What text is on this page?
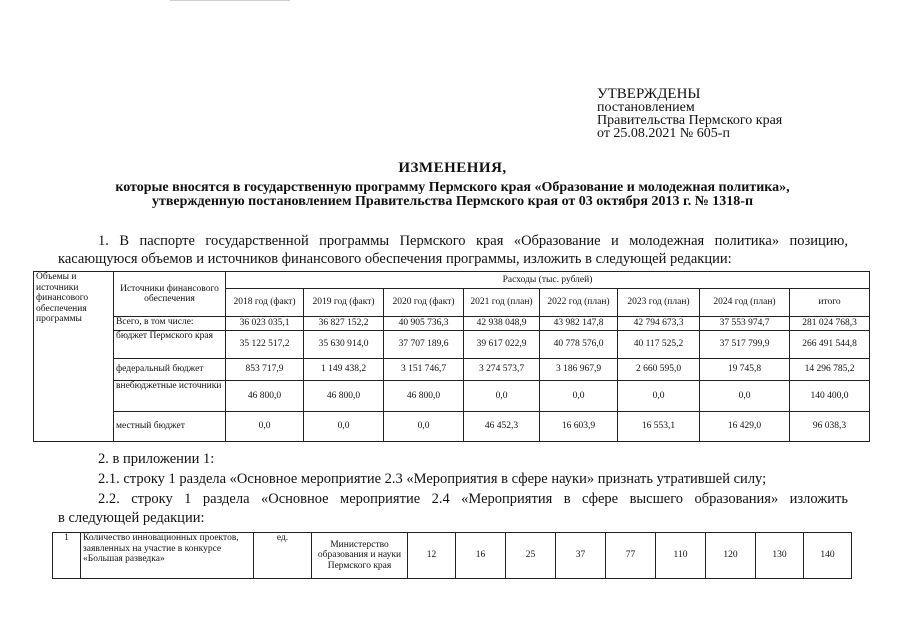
УТВЕРЖДЕНЫ
постановлением
Правительства Пермского края
от 25.08.2021 № 605-п
ИЗМЕНЕНИЯ,
которые вносятся в государственную программу Пермского края «Образование и молодежная политика»,
утвержденную постановлением Правительства Пермского края от 03 октября 2013 г. № 1318-п
1. В паспорте государственной программы Пермского края «Образование и молодежная политика» позицию,
касающуюся объемов и источников финансового обеспечения программы, изложить в следующей редакции:
Объемы и источники финансового обеспечения программы	Источники финансового обеспечения	Расходы (тыс. рублей)							
		2018 год (факт)	2019 год (факт)	2020 год (факт)	2021 год (план)	2022 год (план)	2023 год (план)	2024 год (план)	итого
	Всего, в том числе:	36 023 035,1	36 827 152,2	40 905 736,3	42 938 048,9	43 982 147,8	42 794 673,3	37 553 974,7	281 024 768,3
	бюджет Пермского края	35 122 517,2	35 630 914,0	37 707 189,6	39 617 022,9	40 778 576,0	40 117 525,2	37 517 799,9	266 491 544,8
	федеральный бюджет	853 717,9	1 149 438,2	3 151 746,7	3 274 573,7	3 186 967,9	2 660 595,0	19 745,8	14 296 785,2
	внебюджетные источники	46 800,0	46 800,0	46 800,0	0,0	0,0	0,0	0,0	140 400,0
	местный бюджет	0,0	0,0	0,0	46 452,3	16 603,9	16 553,1	16 429,0	96 038,3
2. в приложении 1:
2.1. строку 1 раздела «Основное мероприятие 2.3 «Мероприятия в сфере науки» признать утратившей силу;
2.2. строку 1 раздела «Основное мероприятие 2.4 «Мероприятия в сфере высшего образования» изложить
в следующей редакции:
1	Количество инновационных проектов, заявленных на участие в конкурсе «Большая разведка»	ед.	Министерство образования и науки Пермского края	12	16	25	37	77	110	120	130	140
